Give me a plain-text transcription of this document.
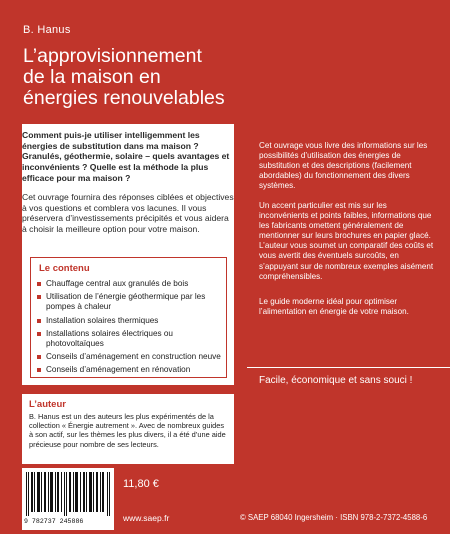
B. Hanus
L’approvisionnement
de la maison en
énergies renouvelables

Comment puis-je utiliser intelligemment les énergies de substitution dans ma maison ? Granulés, géothermie, solaire – quels avantages et inconvénients ? Quelle est la méthode la plus efficace pour ma maison ?

Cet ouvrage fournira des réponses ciblées et objectives à vos questions et comblera vos lacunes. Il vous préservera d’investissements précipités et vous aidera à choisir la meilleure option pour votre maison.

Le contenu
Chauffage central aux granulés de bois
Utilisation de l’énergie géothermique par les pompes à chaleur
Installation solaires thermiques
Installations solaires électriques ou photovoltaïques
Conseils d’aménagement en construction neuve
Conseils d’aménagement en rénovation

Cet ouvrage vous livre des informations sur les possibilités d’utilisation des énergies de substitution et des descriptions (facilement abordables) du fonctionnement des divers systèmes.

Un accent particulier est mis sur les inconvénients et points faibles, informations que les fabricants omettent généralement de mentionner sur leurs brochures en papier glacé. L’auteur vous soumet un comparatif des coûts et vous avertit des éventuels surcoûts, en s’appuyant sur de nombreux exemples aisément compréhensibles.

Le guide moderne idéal pour optimiser l’alimentation en énergie de votre maison.

Facile, économique et sans souci !
L’auteur
B. Hanus est un des auteurs les plus expérimentés de la collection « Énergie autrement ». Avec de nombreux guides à son actif, sur les thèmes les plus divers, il a été d’une aide précieuse pour nombre de ses lecteurs.
9 782737 245886
11,80 €
www.saep.fr	© SAEP 68040 Ingersheim · ISBN 978-2-7372-4588-6
